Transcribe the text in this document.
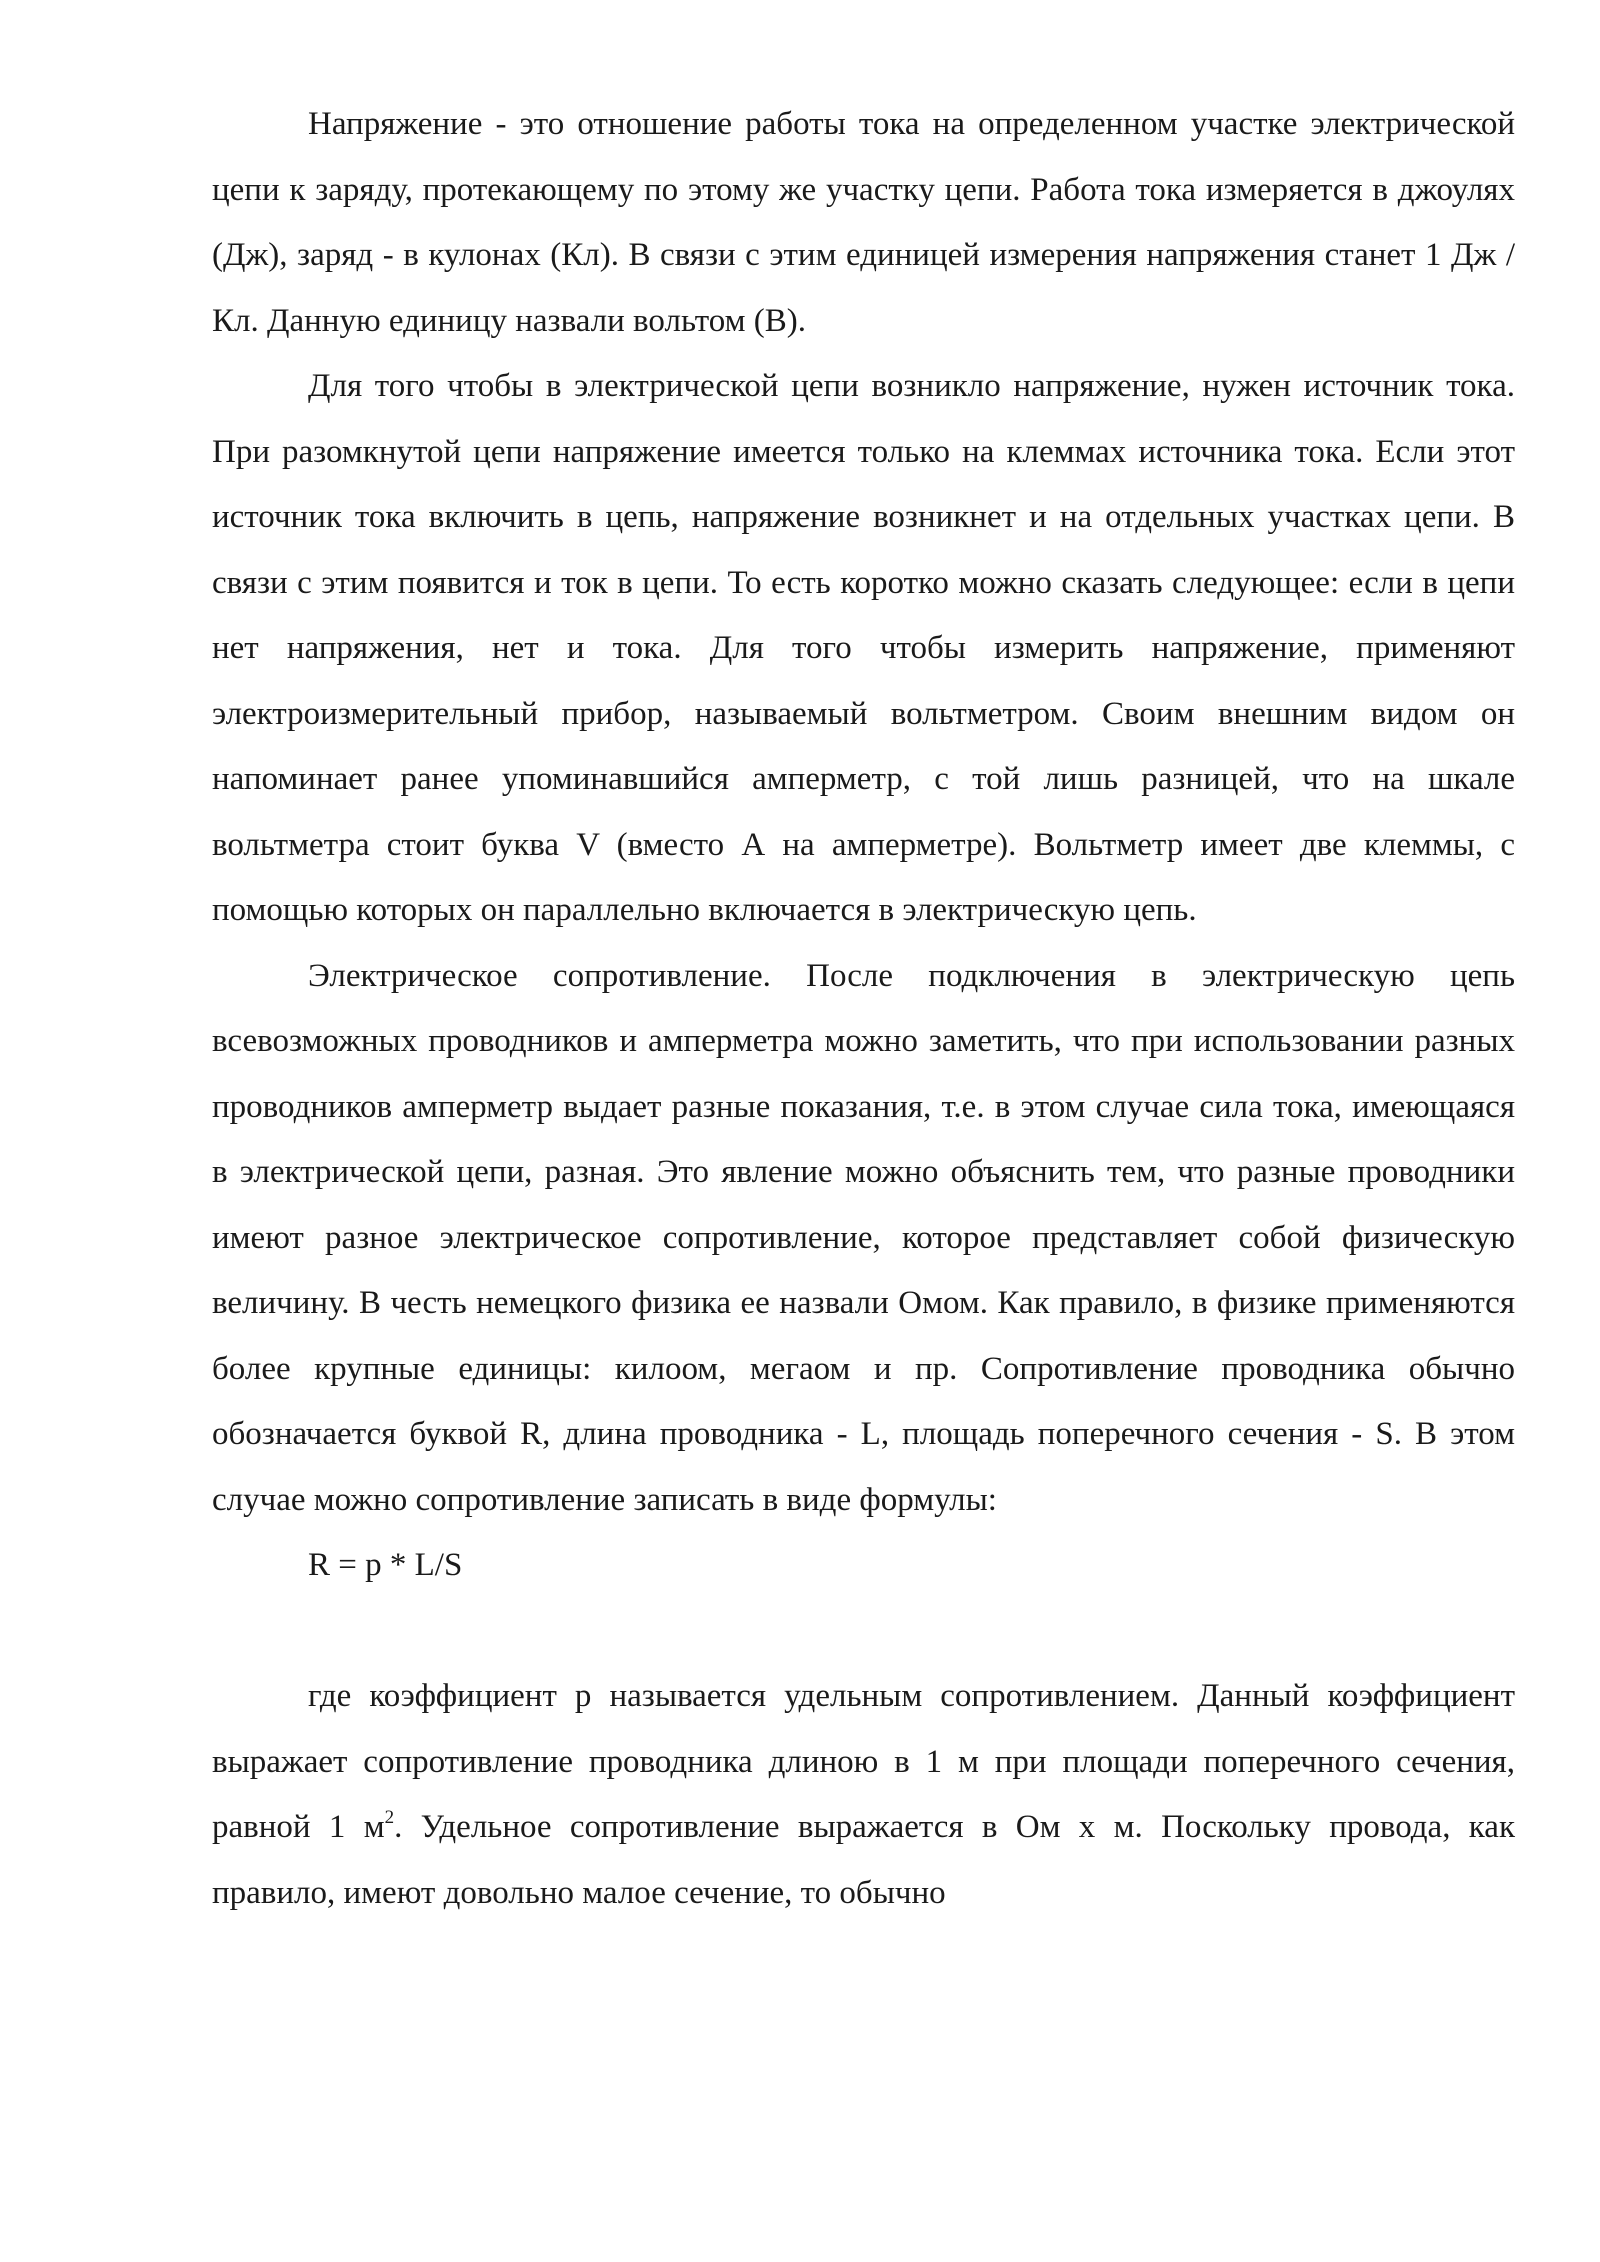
Напряжение - это отношение работы тока на определенном участке электрической цепи к заряду, протекающему по этому же участку цепи. Работа тока измеряется в джоулях (Дж), заряд - в кулонах (Кл). В связи с этим единицей измерения напряжения станет 1 Дж / Кл. Данную единицу назвали вольтом (В).

Для того чтобы в электрической цепи возникло напряжение, нужен источник тока. При разомкнутой цепи напряжение имеется только на клеммах источника тока. Если этот источник тока включить в цепь, напряжение возникнет и на отдельных участках цепи. В связи с этим появится и ток в цепи. То есть коротко можно сказать следующее: если в цепи нет напряжения, нет и тока. Для того чтобы измерить напряжение, применяют электроизмерительный прибор, называемый вольтметром. Своим внешним видом он напоминает ранее упоминавшийся амперметр, с той лишь разницей, что на шкале вольтметра стоит буква V (вместо А на амперметре). Вольтметр имеет две клеммы, с помощью которых он параллельно включается в электрическую цепь.

Электрическое сопротивление. После подключения в электрическую цепь всевозможных проводников и амперметра можно заметить, что при использовании разных проводников амперметр выдает разные показания, т.е. в этом случае сила тока, имеющаяся в электрической цепи, разная. Это явление можно объяснить тем, что разные проводники имеют разное электрическое сопротивление, которое представляет собой физическую величину. В честь немецкого физика ее назвали Омом. Как правило, в физике применяются более крупные единицы: килоом, мегаом и пр. Сопротивление проводника обычно обозначается буквой R, длина проводника - L, площадь поперечного сечения - S. В этом случае можно сопротивление записать в виде формулы:

R = p * L/S

где коэффициент p называется удельным сопротивлением. Данный коэффициент выражает сопротивление проводника длиною в 1 м при площади поперечного сечения, равной 1 $м^2$. Удельное сопротивление выражается в Ом х м. Поскольку провода, как правило, имеют довольно малое сечение, то обычно
